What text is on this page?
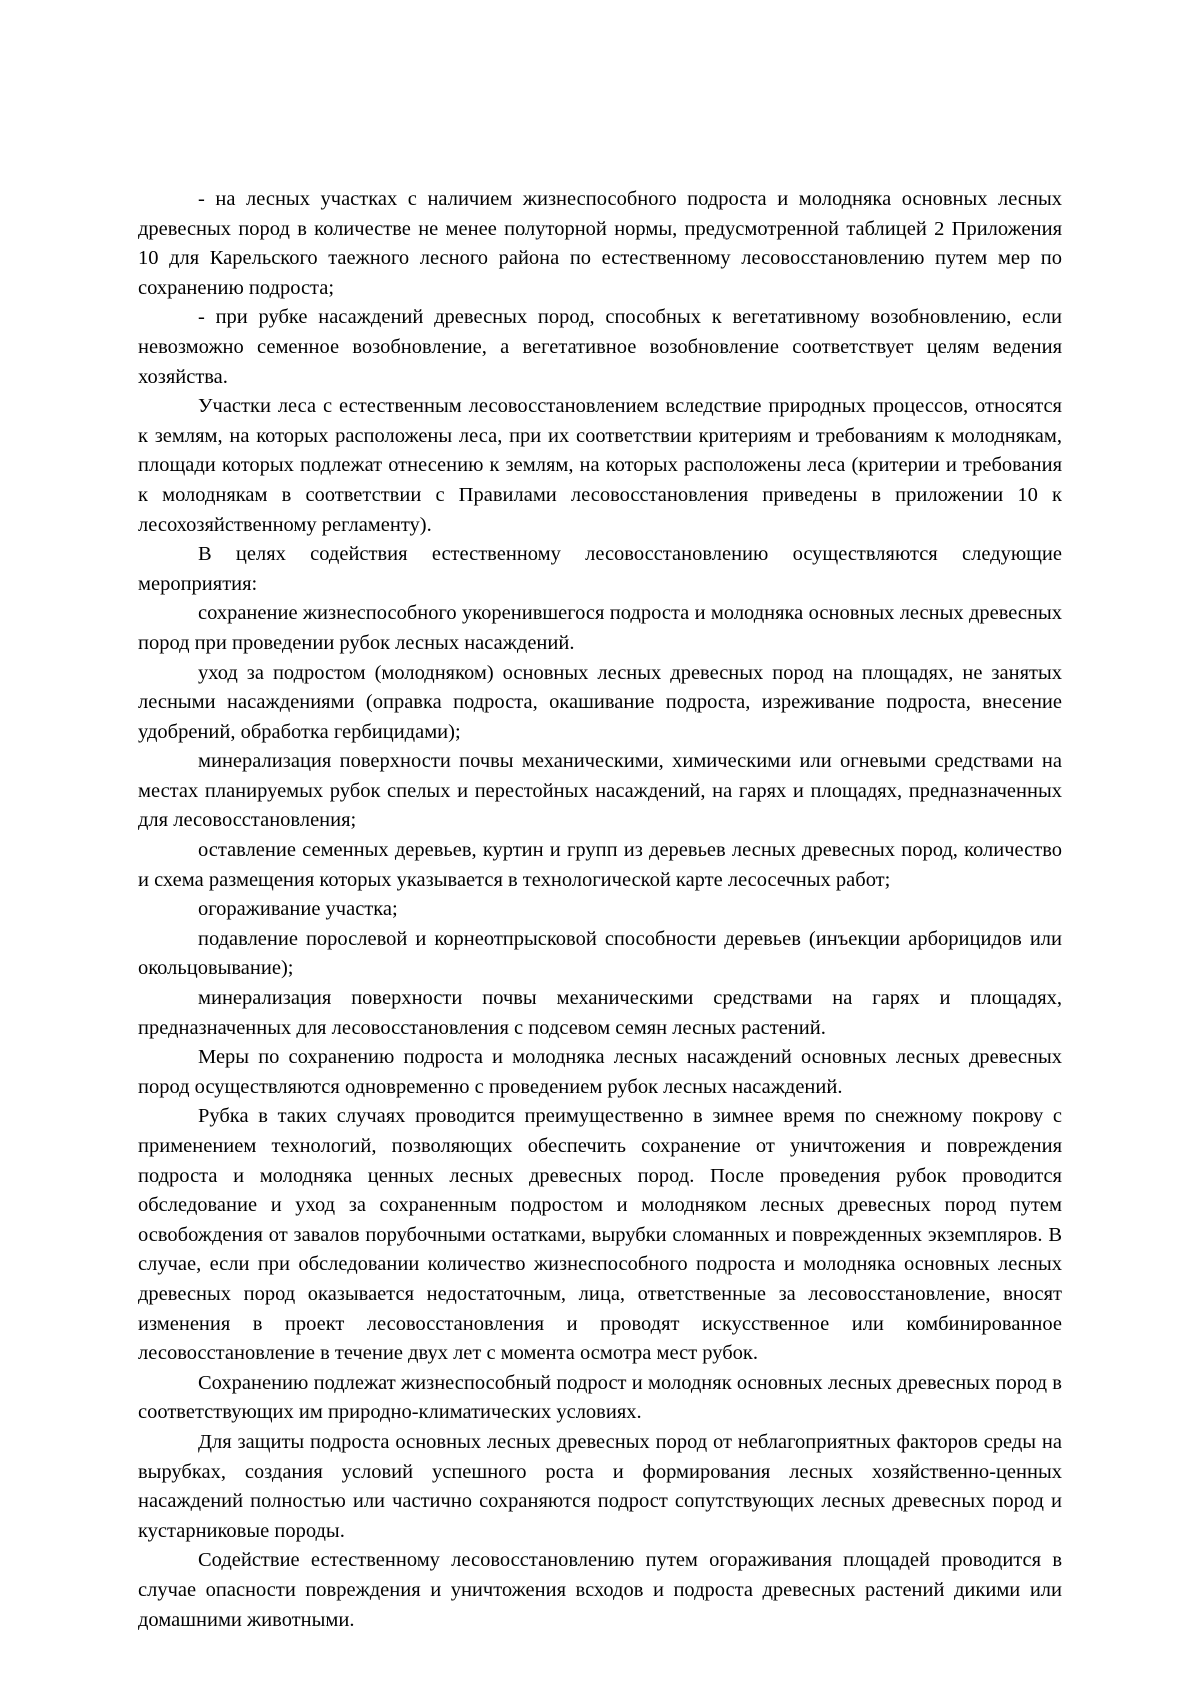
- на лесных участках с наличием жизнеспособного подроста и молодняка основных лесных древесных пород в количестве не менее полуторной нормы, предусмотренной таблицей 2 Приложения 10 для Карельского таежного лесного района по естественному лесовосстановлению путем мер по сохранению подроста;

- при рубке насаждений древесных пород, способных к вегетативному возобновлению, если невозможно семенное возобновление, а вегетативное возобновление соответствует целям ведения хозяйства.

Участки леса с естественным лесовосстановлением вследствие природных процессов, относятся к землям, на которых расположены леса, при их соответствии критериям и требованиям к молоднякам, площади которых подлежат отнесению к землям, на которых расположены леса (критерии и требования к молоднякам в соответствии с Правилами лесовосстановления приведены в приложении 10 к лесохозяйственному регламенту).

В целях содействия естественному лесовосстановлению осуществляются следующие мероприятия:

сохранение жизнеспособного укоренившегося подроста и молодняка основных лесных древесных пород при проведении рубок лесных насаждений.

уход за подростом (молодняком) основных лесных древесных пород на площадях, не занятых лесными насаждениями (оправка подроста, окашивание подроста, изреживание подроста, внесение удобрений, обработка гербицидами);

минерализация поверхности почвы механическими, химическими или огневыми средствами на местах планируемых рубок спелых и перестойных насаждений, на гарях и площадях, предназначенных для лесовосстановления;

оставление семенных деревьев, куртин и групп из деревьев лесных древесных пород, количество и схема размещения которых указывается в технологической карте лесосечных работ;

огораживание участка;

подавление порослевой и корнеотпрысковой способности деревьев (инъекции арборицидов или окольцовывание);

минерализация поверхности почвы механическими средствами на гарях и площадях, предназначенных для лесовосстановления с подсевом семян лесных растений.

Меры по сохранению подроста и молодняка лесных насаждений основных лесных древесных пород осуществляются одновременно с проведением рубок лесных насаждений.

Рубка в таких случаях проводится преимущественно в зимнее время по снежному покрову с применением технологий, позволяющих обеспечить сохранение от уничтожения и повреждения подроста и молодняка ценных лесных древесных пород. После проведения рубок проводится обследование и уход за сохраненным подростом и молодняком лесных древесных пород путем освобождения от завалов порубочными остатками, вырубки сломанных и поврежденных экземпляров. В случае, если при обследовании количество жизнеспособного подроста и молодняка основных лесных древесных пород оказывается недостаточным, лица, ответственные за лесовосстановление, вносят изменения в проект лесовосстановления и проводят искусственное или комбинированное лесовосстановление в течение двух лет с момента осмотра мест рубок.

Сохранению подлежат жизнеспособный подрост и молодняк основных лесных древесных пород в соответствующих им природно-климатических условиях.

Для защиты подроста основных лесных древесных пород от неблагоприятных факторов среды на вырубках, создания условий успешного роста и формирования лесных хозяйственно-ценных насаждений полностью или частично сохраняются подрост сопутствующих лесных древесных пород и кустарниковые породы.

Содействие естественному лесовосстановлению путем огораживания площадей проводится в случае опасности повреждения и уничтожения всходов и подроста древесных растений дикими или домашними животными.
